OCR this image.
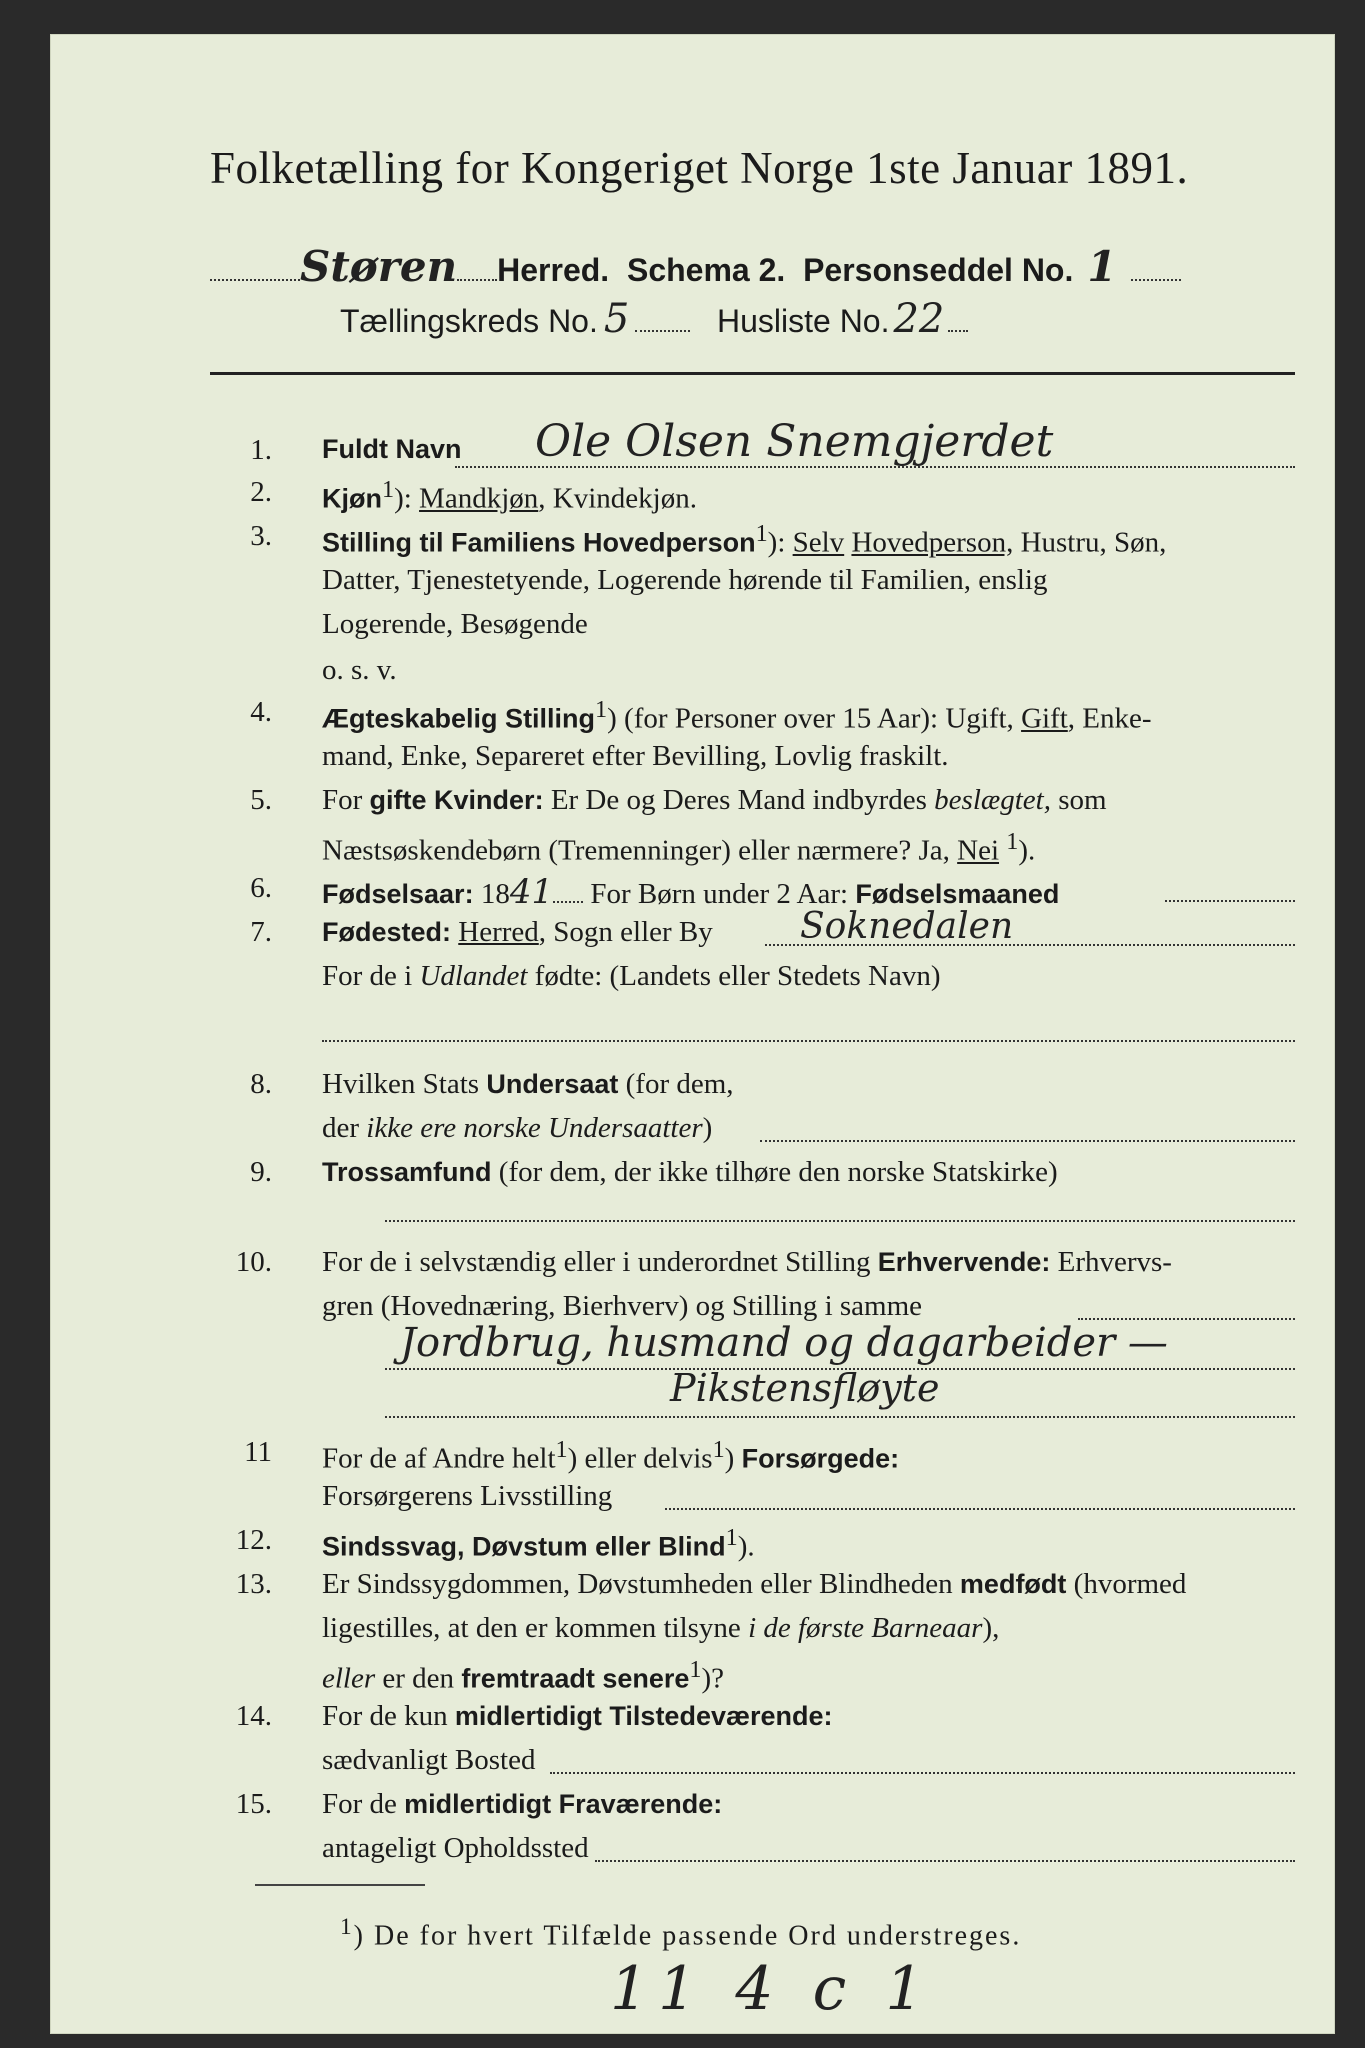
Folketælling for Kongeriget Norge 1ste Januar 1891.
Støren Herred. Schema 2. Personseddel No. 1
Tællingskreds No. 5	Husliste No. 22
1. Fuldt Navn Ole Olsen Snemgjerdet
2. Kjøn$^1$): Mandkjøn, Kvindekjøn.
3. Stilling til Familiens Hovedperson$^1$): Selv Hovedperson, Hustru, Søn,
Datter, Tjenestetyende, Logerende hørende til Familien, enslig
Logerende, Besøgende
o. s. v.
4. Ægteskabelig Stilling$^1$) (for Personer over 15 Aar): Ugift, Gift, Enke-
mand, Enke, Separeret efter Bevilling, Lovlig fraskilt.
5. For gifte Kvinder: Er De og Deres Mand indbyrdes beslægtet, som
Næstsøskendebørn (Tremenninger) eller nærmere? Ja, Nei $^1$).
6. Fødselsaar: 1841 For Børn under 2 Aar: Fødselsmaaned
7. Fødested: Herred, Sogn eller By Soknedalen
For de i Udlandet fødte: (Landets eller Stedets Navn)
8. Hvilken Stats Undersaat (for dem,
der ikke ere norske Undersaatter)
9. Trossamfund (for dem, der ikke tilhøre den norske Statskirke)
10. For de i selvstændig eller i underordnet Stilling Erhvervende: Erhvervs-
gren (Hovednæring, Bierhverv) og Stilling i samme
Jordbrug, husmand og dagarbeider —
Pikstensfløyte
11 For de af Andre helt$^1$) eller delvis$^1$) Forsørgede:
Forsørgerens Livsstilling
12. Sindssvag, Døvstum eller Blind$^1$).
13. Er Sindssygdommen, Døvstumheden eller Blindheden medfødt (hvormed
ligestilles, at den er kommen tilsyne i de første Barneaar),
eller er den fremtraadt senere$^1$)?
14. For de kun midlertidigt Tilstedeværende:
sædvanligt Bosted
15. For de midlertidigt Fraværende:
antageligt Opholdssted
$^1$) De for hvert Tilfælde passende Ord understreges.
11 4 c 1
